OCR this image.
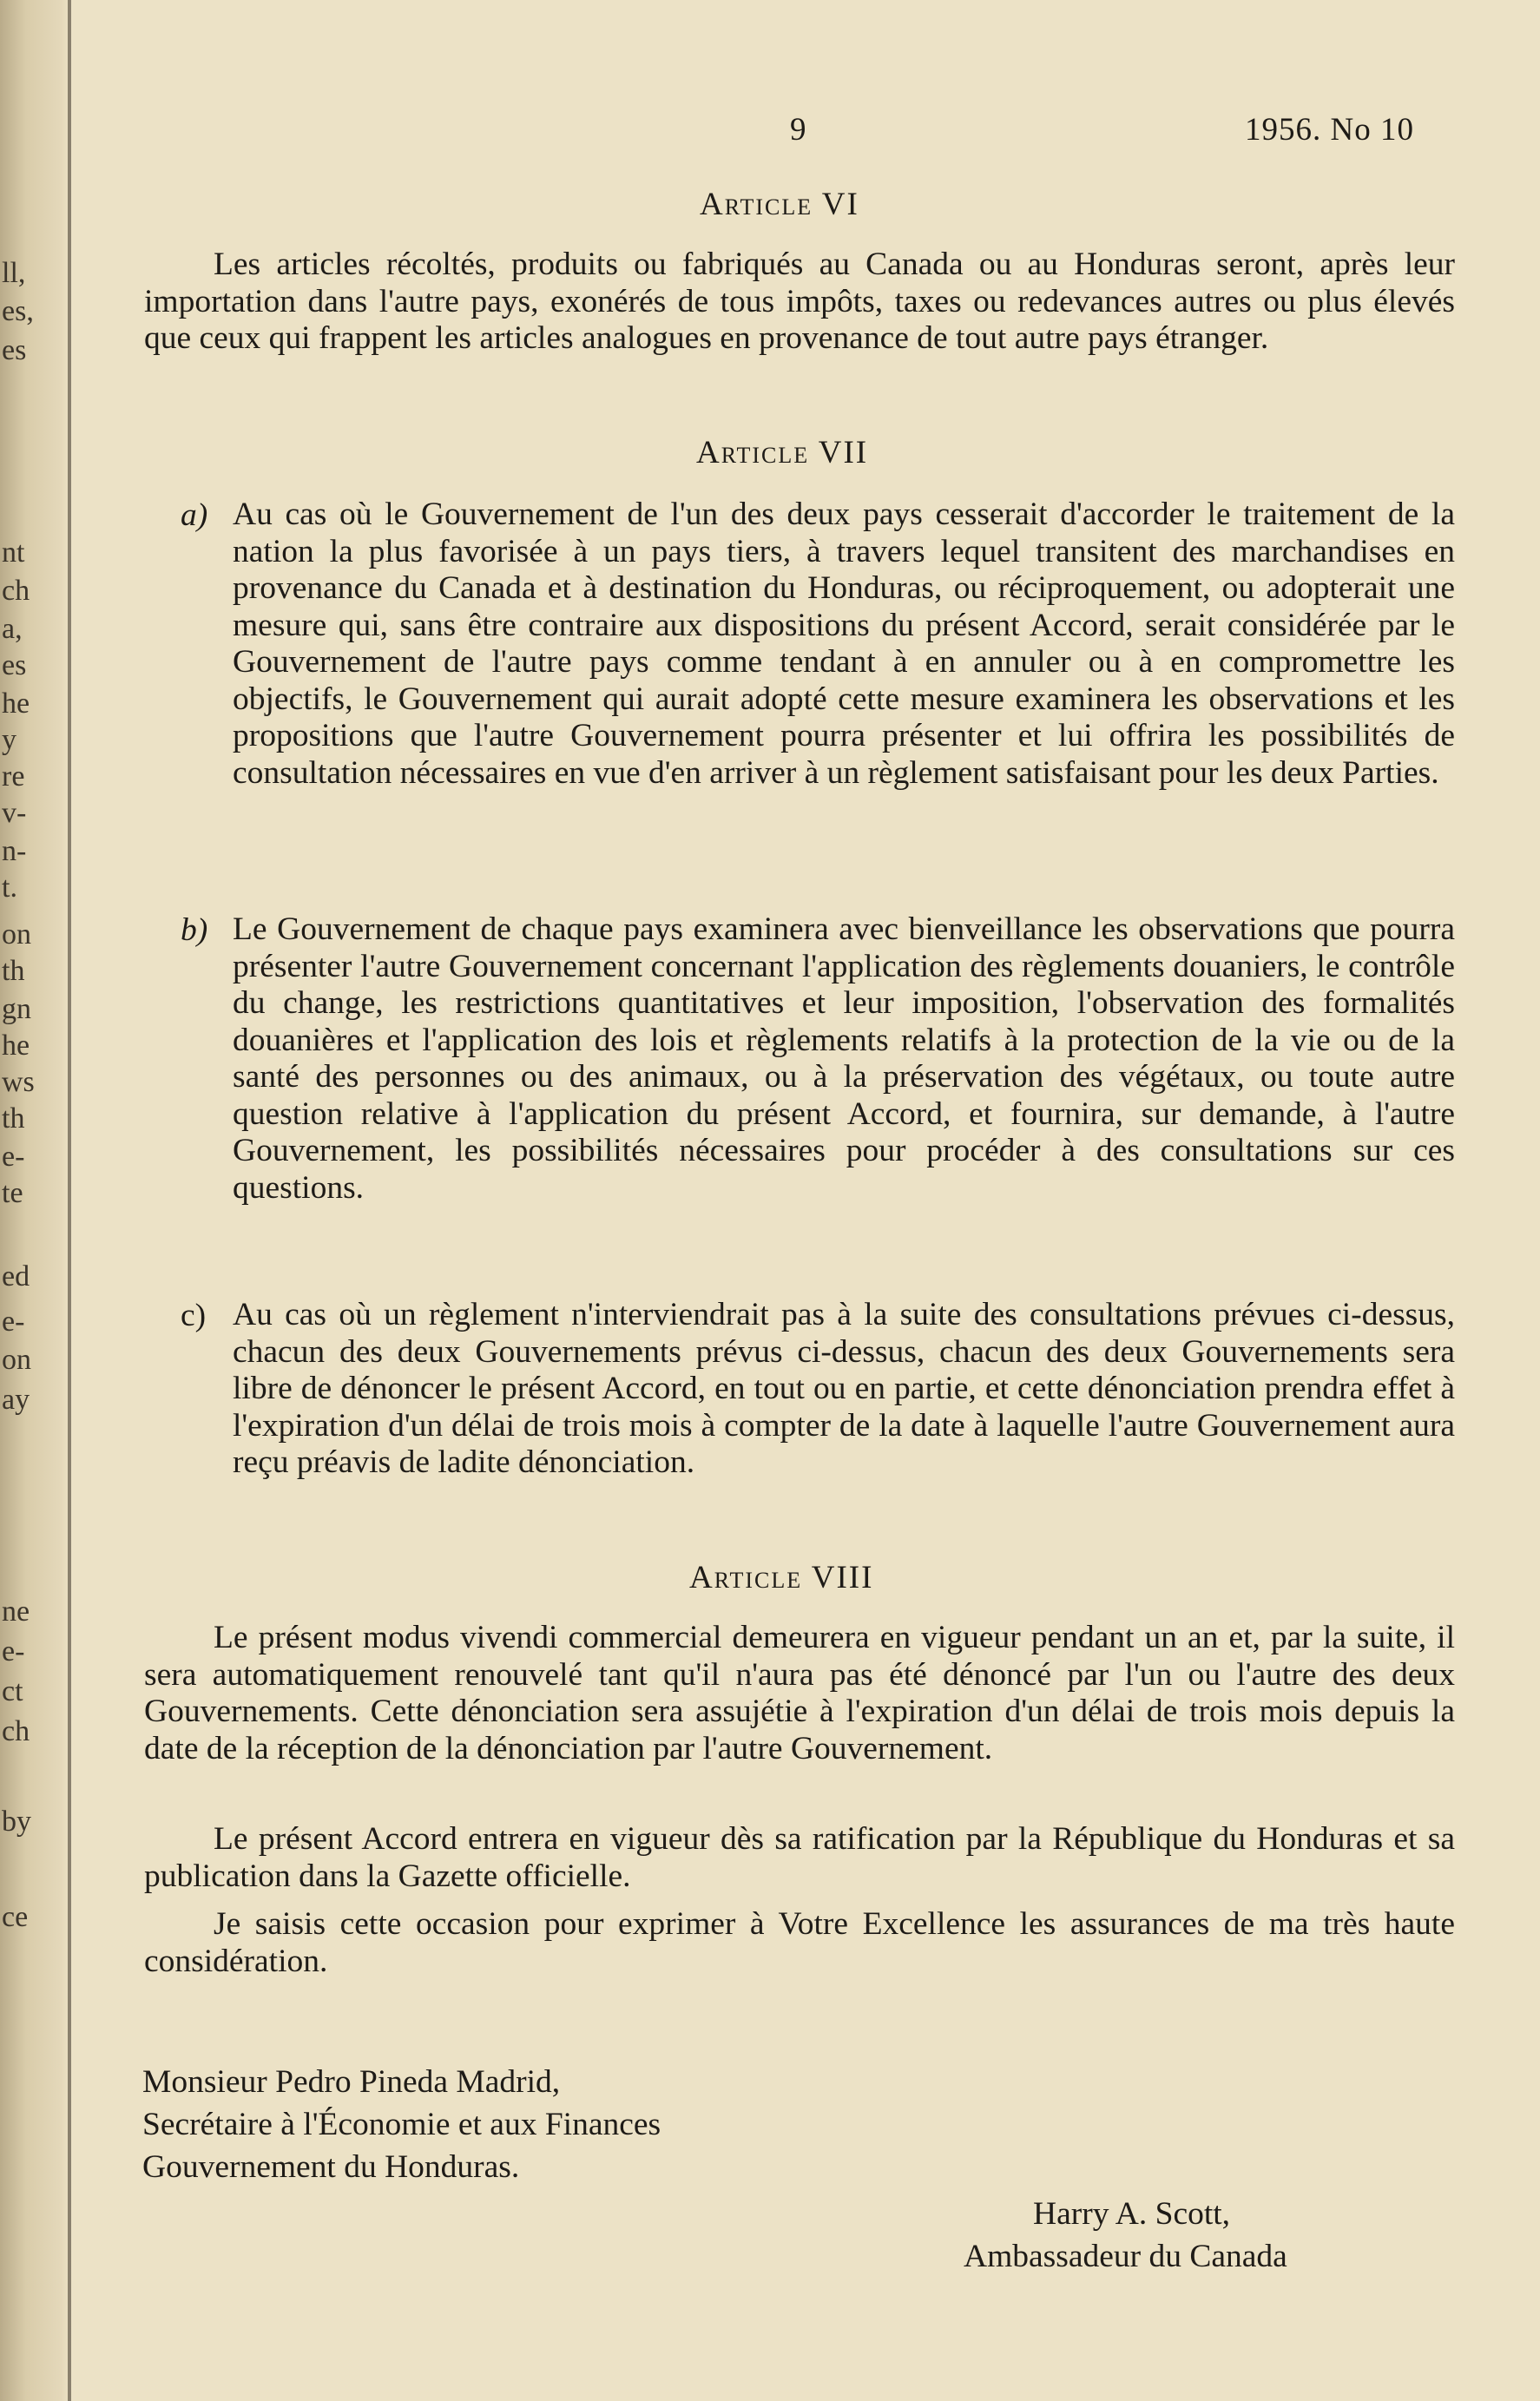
ll,
es,
es
nt
ch
a,
es
he
y
re
v-
n-
t.
on
th
gn
he
ws
th
e-
te
ed
e-
on
ay
ne
e-
ct
ch
by
ce
9	1956. No 10
Article VI

Les articles récoltés, produits ou fabriqués au Canada ou au Honduras seront, après leur importation dans l'autre pays, exonérés de tous impôts, taxes ou redevances autres ou plus élevés que ceux qui frappent les articles analogues en provenance de tout autre pays étranger.

Article VII
a) Au cas où le Gouvernement de l'un des deux pays cesserait d'accorder le traitement de la nation la plus favorisée à un pays tiers, à travers lequel transitent des marchandises en provenance du Canada et à destination du Honduras, ou réciproquement, ou adopterait une mesure qui, sans être contraire aux dispositions du présent Accord, serait considérée par le Gouvernement de l'autre pays comme tendant à en annuler ou à en compromettre les objectifs, le Gouvernement qui aurait adopté cette mesure examinera les observations et les propositions que l'autre Gouvernement pourra présenter et lui offrira les possibilités de consultation nécessaires en vue d'en arriver à un règlement satisfaisant pour les deux Parties.

b) Le Gouvernement de chaque pays examinera avec bienveillance les observations que pourra présenter l'autre Gouvernement concernant l'application des règlements douaniers, le contrôle du change, les restrictions quantitatives et leur imposition, l'observation des formalités douanières et l'application des lois et règlements relatifs à la protection de la vie ou de la santé des personnes ou des animaux, ou à la préservation des végétaux, ou toute autre question relative à l'application du présent Accord, et fournira, sur demande, à l'autre Gouvernement, les possibilités nécessaires pour procéder à des consultations sur ces questions.

c) Au cas où un règlement n'interviendrait pas à la suite des consultations prévues ci-dessus, chacun des deux Gouvernements prévus ci-dessus, chacun des deux Gouvernements sera libre de dénoncer le présent Accord, en tout ou en partie, et cette dénonciation prendra effet à l'expiration d'un délai de trois mois à compter de la date à laquelle l'autre Gouvernement aura reçu préavis de ladite dénonciation.

Article VIII

Le présent modus vivendi commercial demeurera en vigueur pendant un an et, par la suite, il sera automatiquement renouvelé tant qu'il n'aura pas été dénoncé par l'un ou l'autre des deux Gouvernements. Cette dénonciation sera assujétie à l'expiration d'un délai de trois mois depuis la date de la réception de la dénonciation par l'autre Gouvernement.

Le présent Accord entrera en vigueur dès sa ratification par la République du Honduras et sa publication dans la Gazette officielle.

Je saisis cette occasion pour exprimer à Votre Excellence les assurances de ma très haute considération.

Monsieur Pedro Pineda Madrid,
Secrétaire à l'Économie et aux Finances
Gouvernement du Honduras.
Harry A. Scott,
Ambassadeur du Canada
